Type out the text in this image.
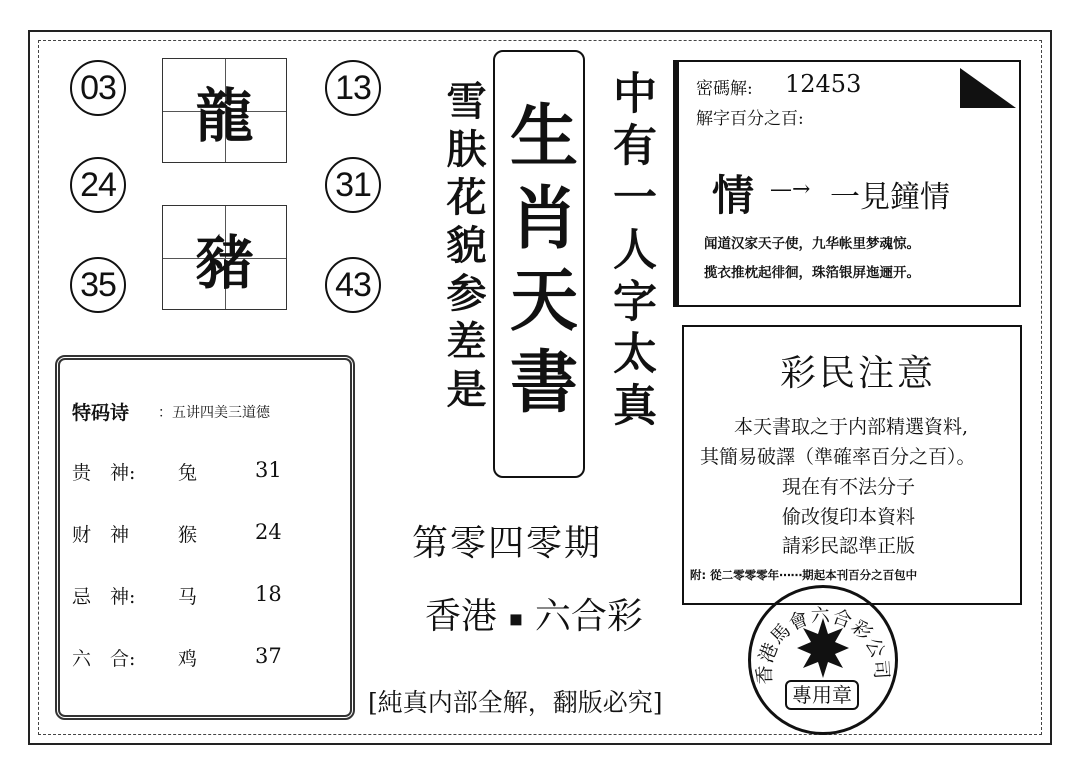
03
24
35
龍
豬
13
31
43 雪肤花貌参差是 生肖天書 中有一人字太真
特码诗 ：五讲四美三道德
贵　神: 兔	31
财　神	猴	24
忌　神: 马	18
六　合: 鸡	37
第零四零期
香港 ▪ 六合彩
[純真内部全解，翻版必究]
密碼解: 12453
解字百分之百:
情 —→ 一見鐘情
闻道汉家天子使，九华帐里梦魂惊。
揽衣推枕起徘徊，珠箔银屏迤逦开。
彩民注意
本天書取之于内部精選資料,
其簡易破譯（準確率百分之百）。
現在有不法分子
偷改復印本資料
請彩民認準正版
附: 從二零零零年⋯⋯期起本刊百分之百包中
香港馬會六合彩公司
專用章
